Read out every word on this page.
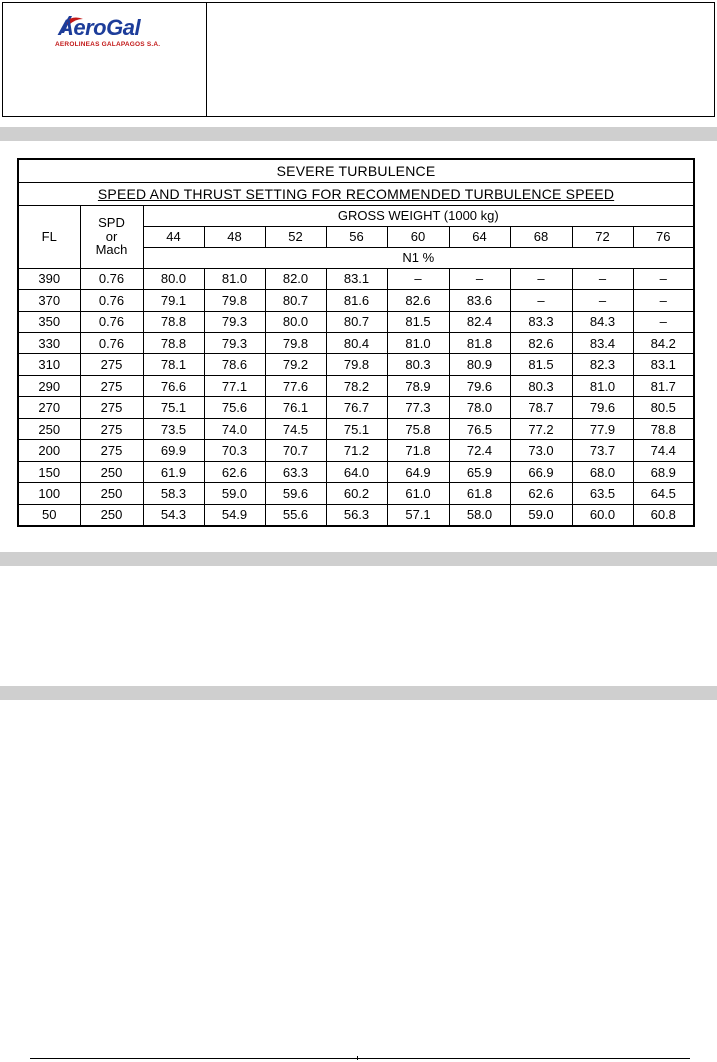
AeroGal
AEROLINEAS GALAPAGOS S.A.
SEVERE TURBULENCE										
SPEED AND THRUST SETTING FOR RECOMMENDED TURBULENCE SPEED										
FL	SPD
or
Mach	GROSS WEIGHT (1000 kg)								
		44	48	52	56	60	64	68	72	76
		N1 %								
390	0.76	80.0	81.0	82.0	83.1	–	–	–	–	–
370	0.76	79.1	79.8	80.7	81.6	82.6	83.6	–	–	–
350	0.76	78.8	79.3	80.0	80.7	81.5	82.4	83.3	84.3	–
330	0.76	78.8	79.3	79.8	80.4	81.0	81.8	82.6	83.4	84.2
310	275	78.1	78.6	79.2	79.8	80.3	80.9	81.5	82.3	83.1
290	275	76.6	77.1	77.6	78.2	78.9	79.6	80.3	81.0	81.7
270	275	75.1	75.6	76.1	76.7	77.3	78.0	78.7	79.6	80.5
250	275	73.5	74.0	74.5	75.1	75.8	76.5	77.2	77.9	78.8
200	275	69.9	70.3	70.7	71.2	71.8	72.4	73.0	73.7	74.4
150	250	61.9	62.6	63.3	64.0	64.9	65.9	66.9	68.0	68.9
100	250	58.3	59.0	59.6	60.2	61.0	61.8	62.6	63.5	64.5
50	250	54.3	54.9	55.6	56.3	57.1	58.0	59.0	60.0	60.8
